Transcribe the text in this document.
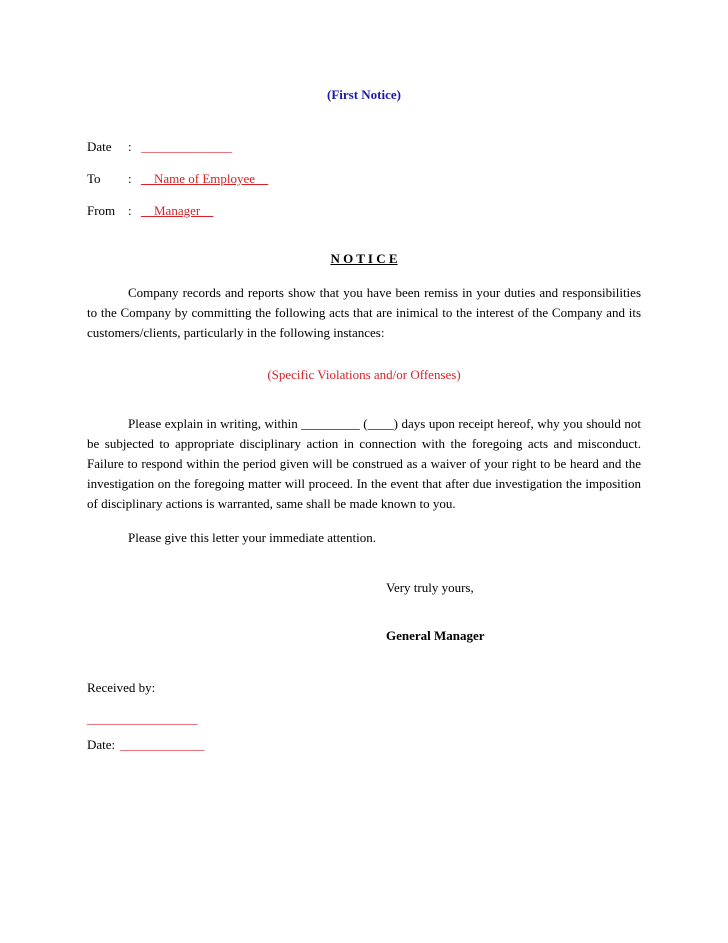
(First Notice)
Date	: ______________
To	: __Name of Employee__
From : __Manager__
N O T I C E
Company records and reports show that you have been remiss in your duties and responsibilities to the Company by committing the following acts that are inimical to the interest of the Company and its customers/clients, particularly in the following instances:
(Specific Violations and/or Offenses)
Please explain in writing, within _________ (____) days upon receipt hereof, why you should not be subjected to appropriate disciplinary action in connection with the foregoing acts and misconduct. Failure to respond within the period given will be construed as a waiver of your right to be heard and the investigation on the foregoing matter will proceed. In the event that after due investigation the imposition of disciplinary actions is warranted, same shall be made known to you.
Please give this letter your immediate attention.
Very truly yours,
General Manager
Received by:
_________________
Date: _____________
